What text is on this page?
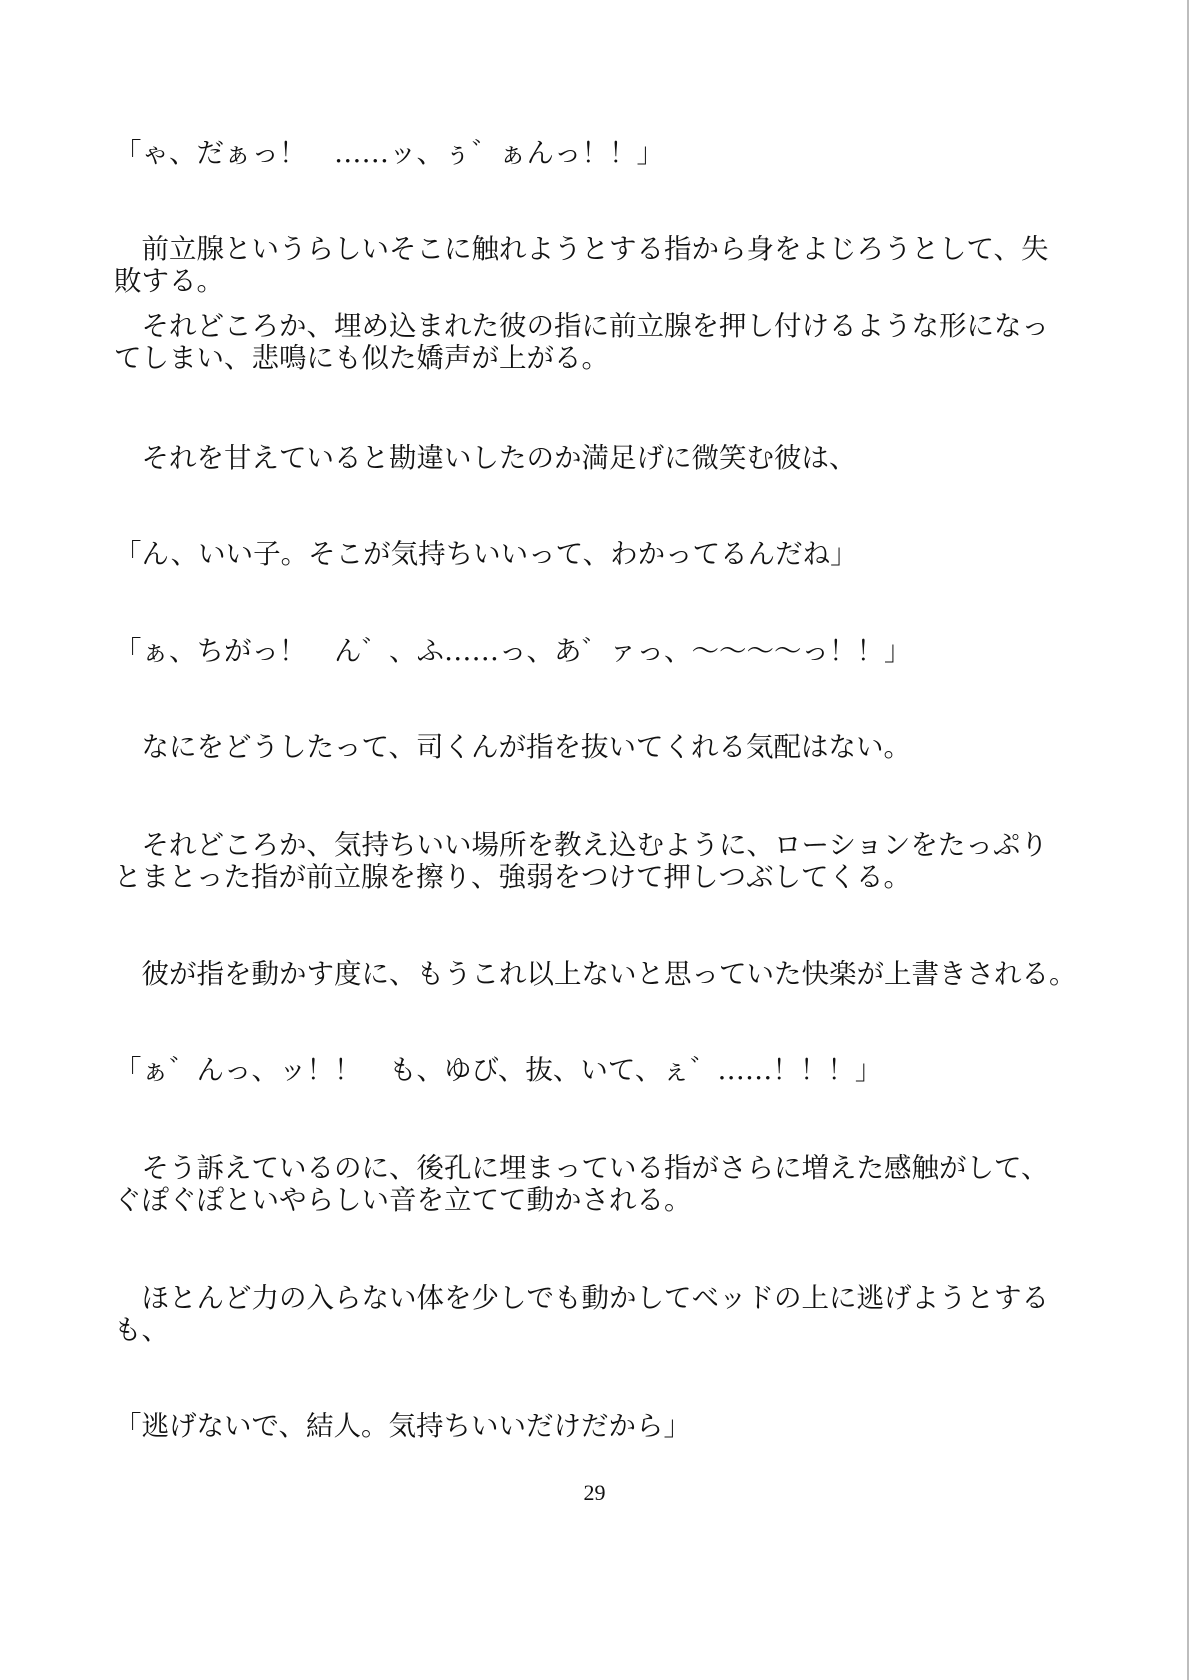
「ゃ、だぁっ！　……ッ、ぅ゛ぁんっ！！」
　前立腺というらしいそこに触れようとする指から身をよじろうとして、失
敗する。
　それどころか、埋め込まれた彼の指に前立腺を押し付けるような形になっ
てしまい、悲鳴にも似た嬌声が上がる。
　それを甘えていると勘違いしたのか満足げに微笑む彼は、
「ん、いい子。そこが気持ちいいって、わかってるんだね」
「ぁ、ちがっ！　ん゛、ふ……っ、あ゛ァっ、〜〜〜〜っ！！」
　なにをどうしたって、司くんが指を抜いてくれる気配はない。
　それどころか、気持ちいい場所を教え込むように、ローションをたっぷり
とまとった指が前立腺を擦り、強弱をつけて押しつぶしてくる。
　彼が指を動かす度に、もうこれ以上ないと思っていた快楽が上書きされる。
「ぁ゛んっ、ッ！！　も、ゆび、抜、いて、ぇ゛……！！！」
　そう訴えているのに、後孔に埋まっている指がさらに増えた感触がして、
ぐぽぐぽといやらしい音を立てて動かされる。
　ほとんど力の入らない体を少しでも動かしてベッドの上に逃げようとする
も、
「逃げないで、結人。気持ちいいだけだから」
29
